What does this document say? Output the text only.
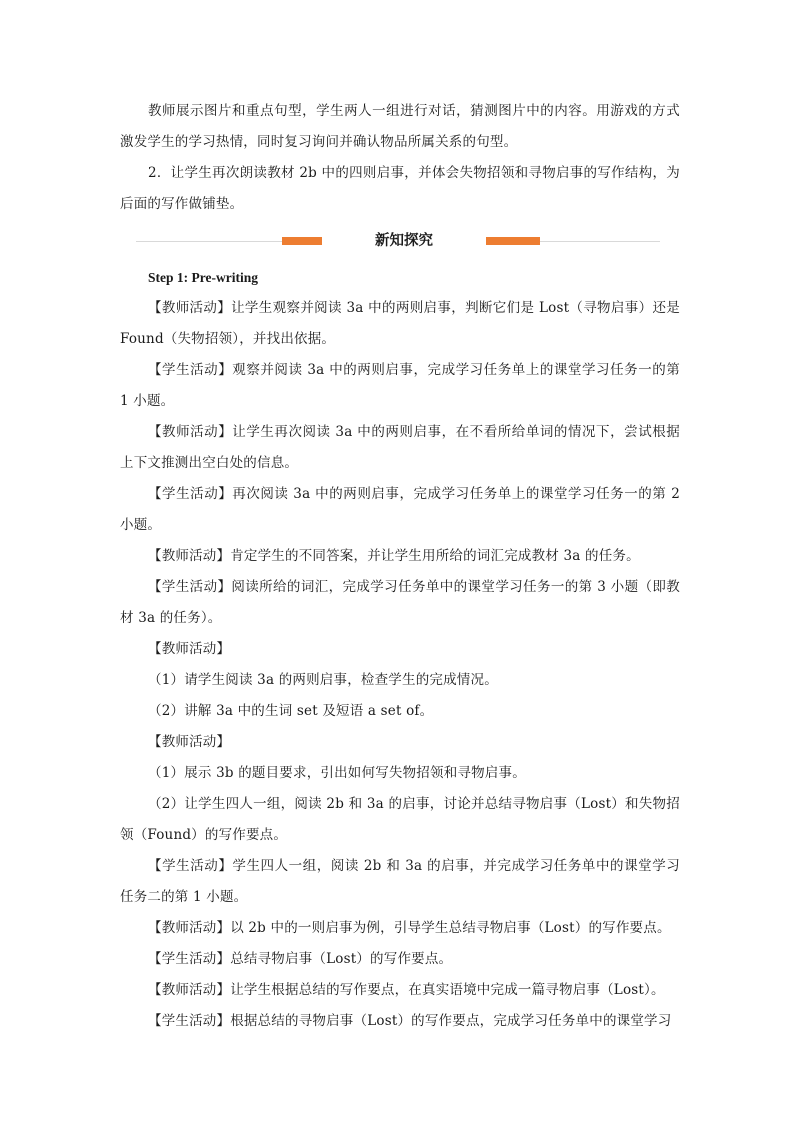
教师展示图片和重点句型，学生两人一组进行对话，猜测图片中的内容。用游戏的方式激发学生的学习热情，同时复习询问并确认物品所属关系的句型。

2．让学生再次朗读教材 2b 中的四则启事，并体会失物招领和寻物启事的写作结构，为后面的写作做铺垫。

新知探究
Step 1: Pre-writing

【教师活动】让学生观察并阅读 3a 中的两则启事，判断它们是 Lost（寻物启事）还是 Found（失物招领），并找出依据。

【学生活动】观察并阅读 3a 中的两则启事，完成学习任务单上的课堂学习任务一的第 1 小题。

【教师活动】让学生再次阅读 3a 中的两则启事，在不看所给单词的情况下，尝试根据上下文推测出空白处的信息。

【学生活动】再次阅读 3a 中的两则启事，完成学习任务单上的课堂学习任务一的第 2 小题。

【教师活动】肯定学生的不同答案，并让学生用所给的词汇完成教材 3a 的任务。

【学生活动】阅读所给的词汇，完成学习任务单中的课堂学习任务一的第 3 小题（即教材 3a 的任务）。

【教师活动】

（1）请学生阅读 3a 的两则启事，检查学生的完成情况。

（2）讲解 3a 中的生词 set 及短语 a set of。

【教师活动】

（1）展示 3b 的题目要求，引出如何写失物招领和寻物启事。

（2）让学生四人一组，阅读 2b 和 3a 的启事，讨论并总结寻物启事（Lost）和失物招领（Found）的写作要点。

【学生活动】学生四人一组，阅读 2b 和 3a 的启事，并完成学习任务单中的课堂学习任务二的第 1 小题。

【教师活动】以 2b 中的一则启事为例，引导学生总结寻物启事（Lost）的写作要点。

【学生活动】总结寻物启事（Lost）的写作要点。

【教师活动】让学生根据总结的写作要点，在真实语境中完成一篇寻物启事（Lost）。

【学生活动】根据总结的寻物启事（Lost）的写作要点，完成学习任务单中的课堂学习
